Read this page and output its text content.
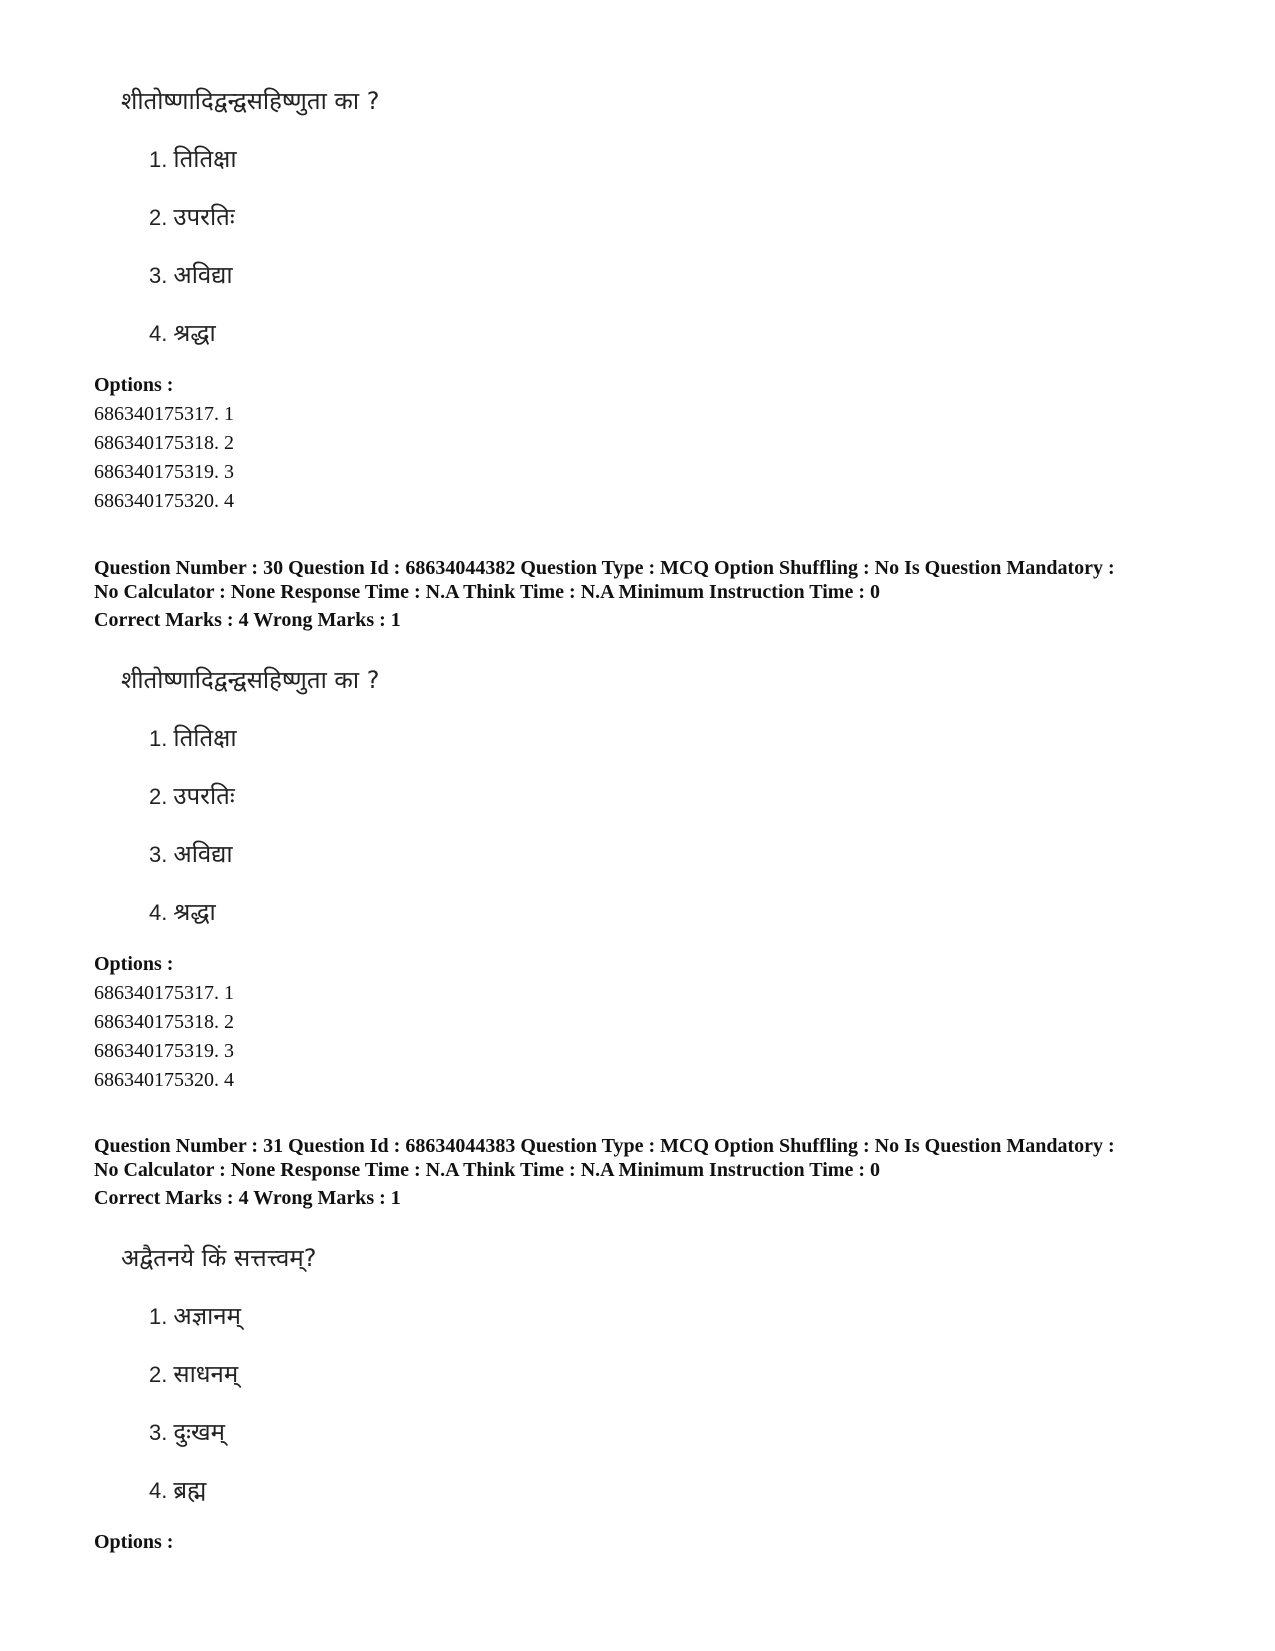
शीतोष्णादिद्वन्द्वसहिष्णुता का ?
1. तितिक्षा
2. उपरतिः
3. अविद्या
4. श्रद्धा
Options :
686340175317. 1
686340175318. 2
686340175319. 3
686340175320. 4
Question Number : 30 Question Id : 68634044382 Question Type : MCQ Option Shuffling : No Is Question Mandatory :
No Calculator : None Response Time : N.A Think Time : N.A Minimum Instruction Time : 0
Correct Marks : 4 Wrong Marks : 1
शीतोष्णादिद्वन्द्वसहिष्णुता का ?
1. तितिक्षा
2. उपरतिः
3. अविद्या
4. श्रद्धा
Options :
686340175317. 1
686340175318. 2
686340175319. 3
686340175320. 4
Question Number : 31 Question Id : 68634044383 Question Type : MCQ Option Shuffling : No Is Question Mandatory :
No Calculator : None Response Time : N.A Think Time : N.A Minimum Instruction Time : 0
Correct Marks : 4 Wrong Marks : 1
अद्वैतनये किं सत्तत्त्वम्?
1. अज्ञानम्
2. साधनम्
3. दुःखम्
4. ब्रह्म
Options :
